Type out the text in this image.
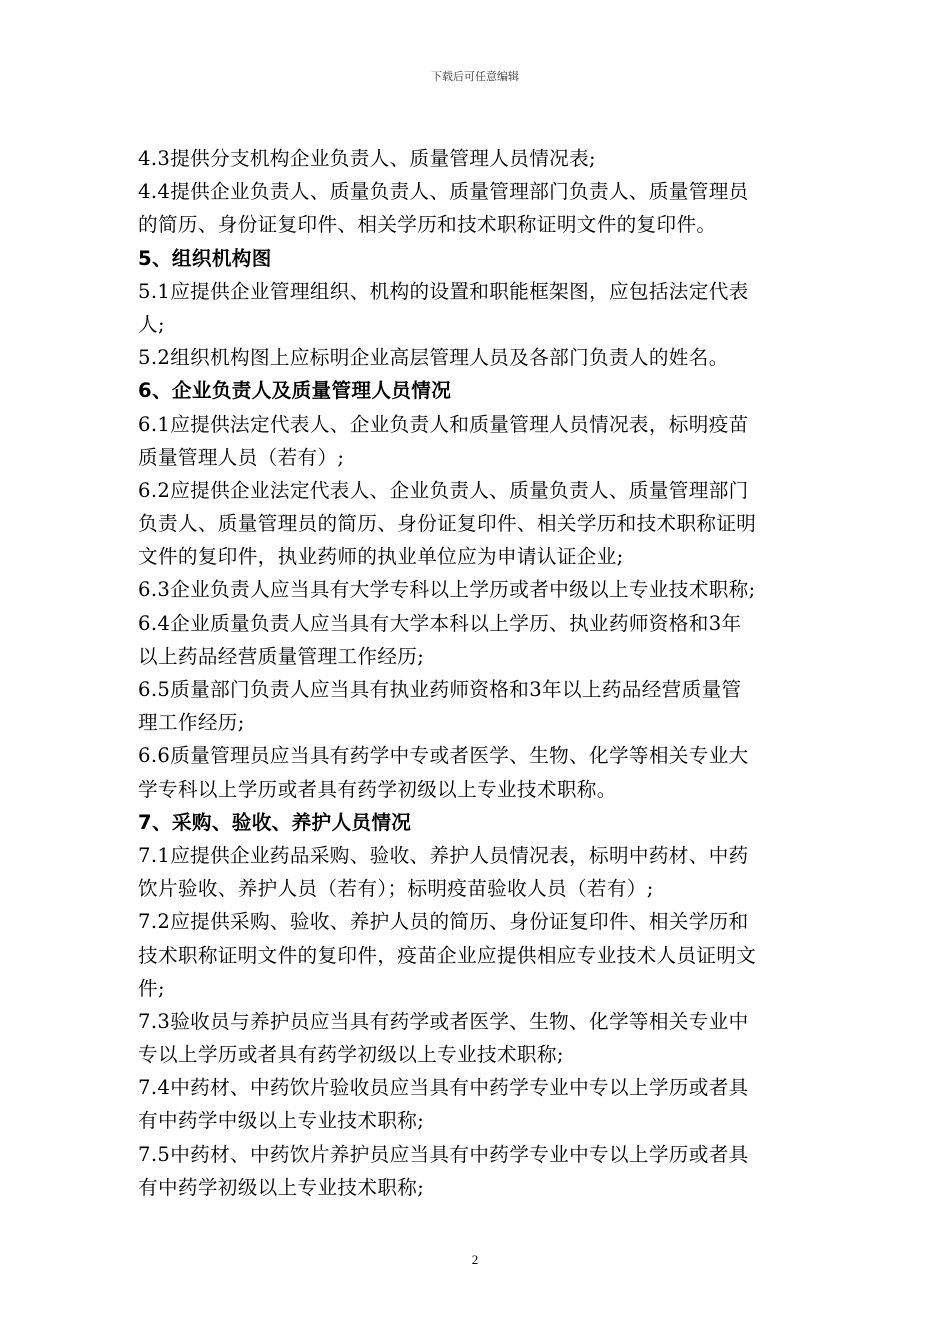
下载后可任意编辑
4.3提供分支机构企业负责人、质量管理人员情况表;
4.4提供企业负责人、质量负责人、质量管理部门负责人、质量管理员
的简历、身份证复印件、相关学历和技术职称证明文件的复印件。
5、组织机构图
5.1应提供企业管理组织、机构的设置和职能框架图，应包括法定代表
人;
5.2组织机构图上应标明企业高层管理人员及各部门负责人的姓名。
6、企业负责人及质量管理人员情况
6.1应提供法定代表人、企业负责人和质量管理人员情况表，标明疫苗
质量管理人员（若有）;
6.2应提供企业法定代表人、企业负责人、质量负责人、质量管理部门
负责人、质量管理员的简历、身份证复印件、相关学历和技术职称证明
文件的复印件，执业药师的执业单位应为申请认证企业;
6.3企业负责人应当具有大学专科以上学历或者中级以上专业技术职称;
6.4企业质量负责人应当具有大学本科以上学历、执业药师资格和3年
以上药品经营质量管理工作经历;
6.5质量部门负责人应当具有执业药师资格和3年以上药品经营质量管
理工作经历;
6.6质量管理员应当具有药学中专或者医学、生物、化学等相关专业大
学专科以上学历或者具有药学初级以上专业技术职称。
7、采购、验收、养护人员情况
7.1应提供企业药品采购、验收、养护人员情况表，标明中药材、中药
饮片验收、养护人员（若有）；标明疫苗验收人员（若有）;
7.2应提供采购、验收、养护人员的简历、身份证复印件、相关学历和
技术职称证明文件的复印件，疫苗企业应提供相应专业技术人员证明文
件;
7.3验收员与养护员应当具有药学或者医学、生物、化学等相关专业中
专以上学历或者具有药学初级以上专业技术职称;
7.4中药材、中药饮片验收员应当具有中药学专业中专以上学历或者具
有中药学中级以上专业技术职称;
7.5中药材、中药饮片养护员应当具有中药学专业中专以上学历或者具
有中药学初级以上专业技术职称;
2
